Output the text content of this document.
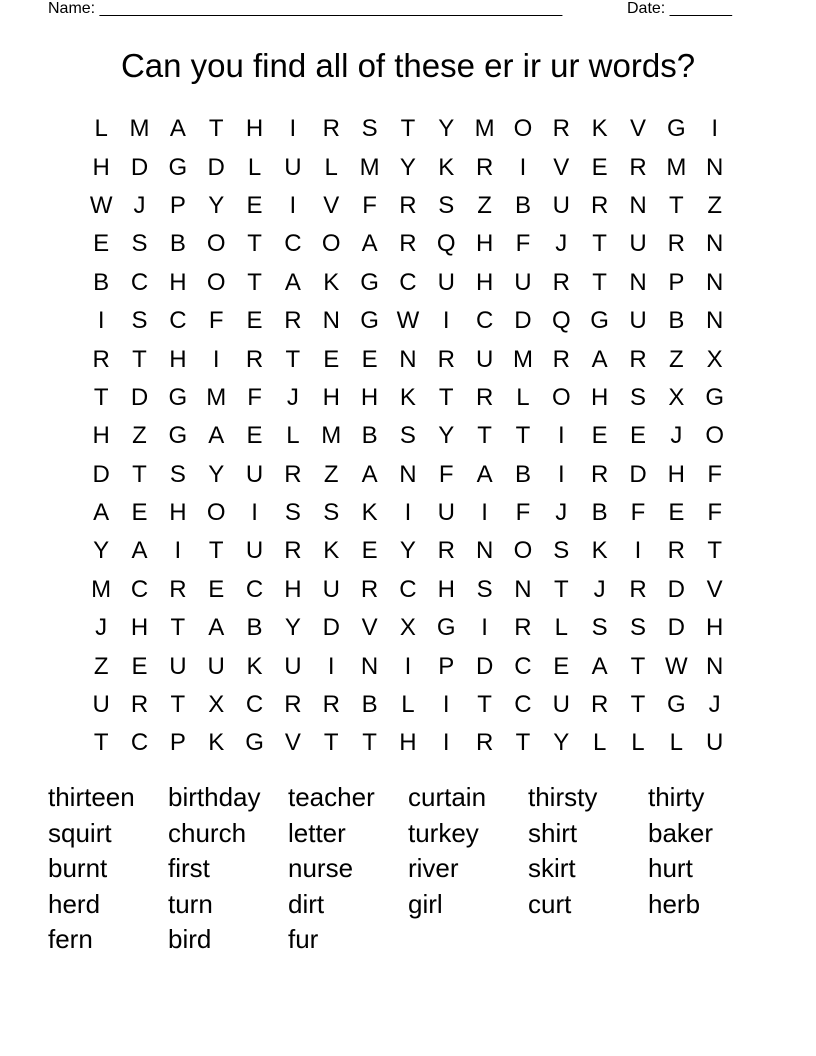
Name: ____________________________________________________	Date: _______
Can you find all of these er ir ur words?
L M A T H	I	R S T Y M O R K V G	I
H D G D L U L M Y K R	I	V E R M N
W J	P Y E	I	V F R S Z B U R N T Z
E S B O T C O A R Q H F	J	T U R N
B C H O T A K G C U H U R T N P N
I	S C F E R N G W I	C D Q G U B N
R T H	I	R T E E N R U M R A R Z X
T D G M F	J H H K T R L O H S X G
H Z G A E L M B S Y T T	I	E E	J O
D T S Y U R Z A N F A B	I	R D H F
A E H O	I	S S K	I	U	I	F	J	B F E F
Y A	I	T U R K E Y R N O S K	I	R T
M C R E C H U R C H S N T	J R D V
J H T A B Y D V X G	I	R L S S D H
Z E U U K U	I	N	I	P D C E A T W N
U R T X C R R B L	I	T C U R T G J
T C P K G V T T H	I	R T Y L	L	L U
thirteen	birthday	teacher	curtain	thirsty	thirty
squirt	church	letter	turkey	shirt	baker
burnt	first	nurse	river	skirt	hurt
herd	turn	dirt	girl	curt	herb
fern	bird	fur
